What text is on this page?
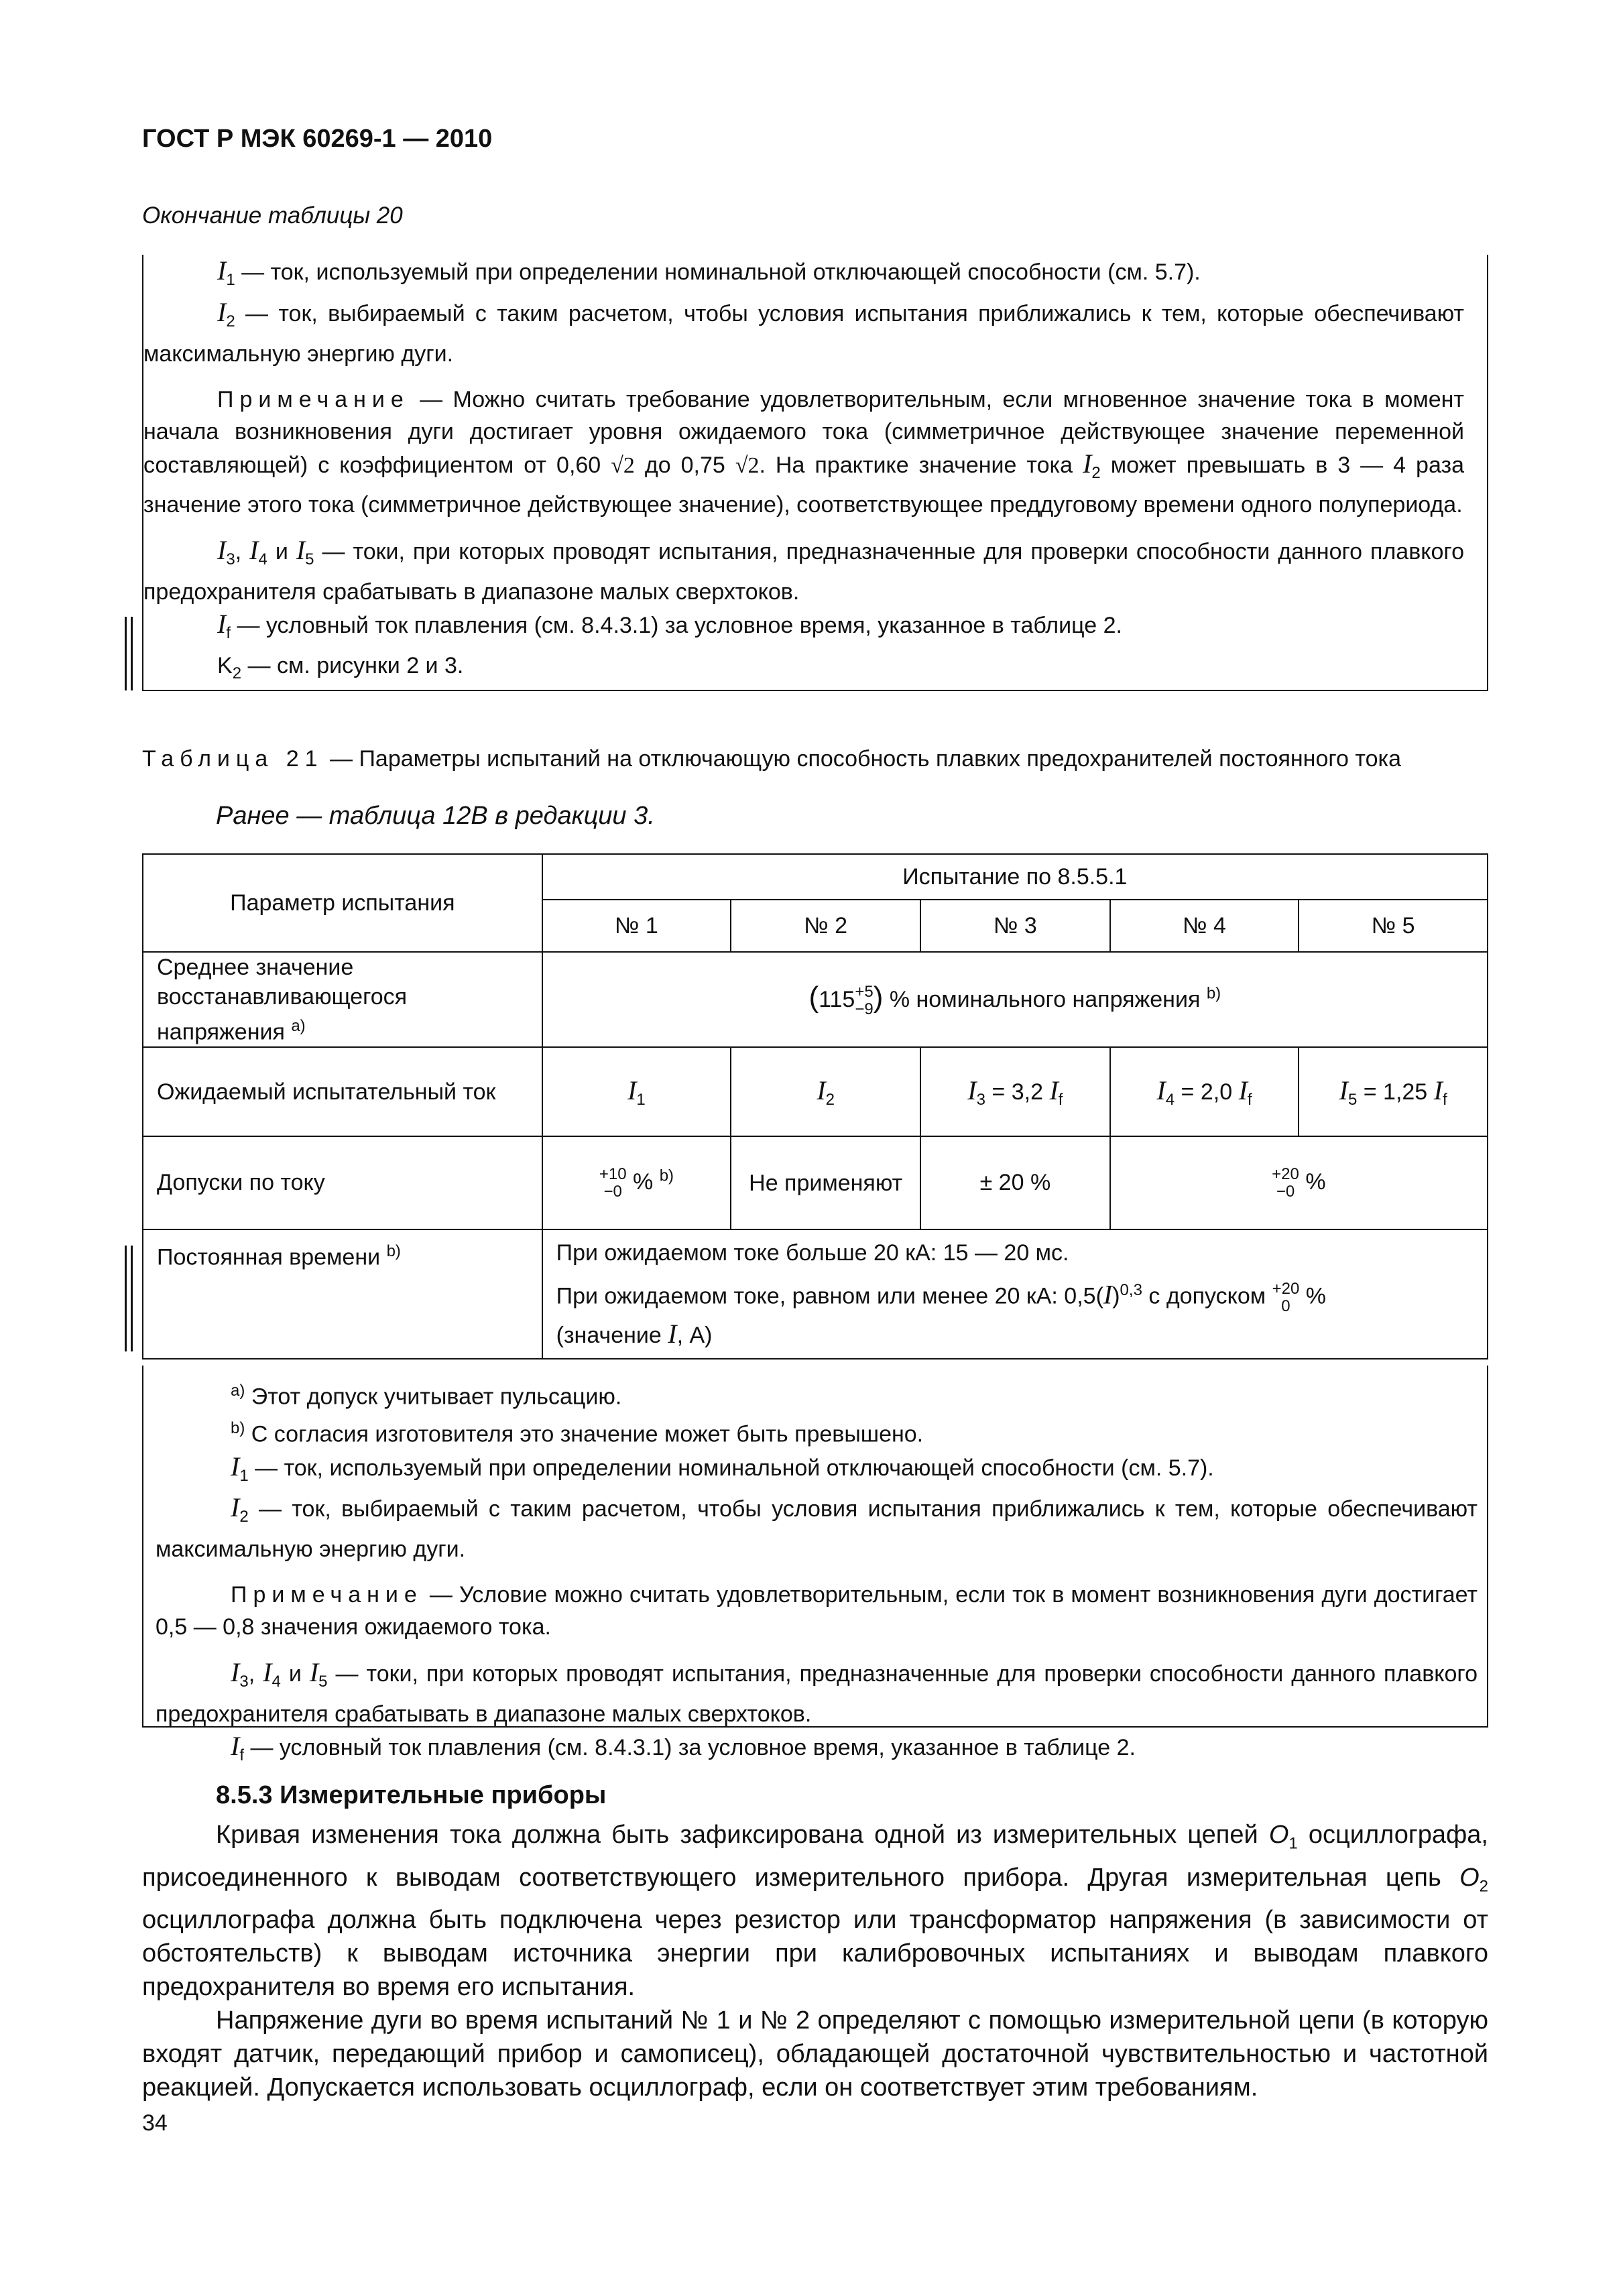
ГОСТ Р МЭК 60269-1 — 2010
Окончание таблицы 20

$I_1$ — ток, используемый при определении номинальной отключающей способности (см. 5.7).

$I_2$ — ток, выбираемый с таким расчетом, чтобы условия испытания приближались к тем, которые обеспечивают максимальную энергию дуги.

Примечание — Можно считать требование удовлетворительным, если мгновенное значение тока в момент начала возникновения дуги достигает уровня ожидаемого тока (симметричное действующее значение переменной составляющей) с коэффициентом от 0,60 √2 до 0,75 √2. На практике значение тока $I_2$ может превышать в 3 — 4 раза значение этого тока (симметричное действующее значение), соответствующее преддуговому времени одного полупериода.

$I_3$, $I_4$ и $I_5$ — токи, при которых проводят испытания, предназначенные для проверки способности данного плавкого предохранителя срабатывать в диапазоне малых сверхтоков.

$I_f$ — условный ток плавления (см. 8.4.3.1) за условное время, указанное в таблице 2.

$K_2$ — см. рисунки 2 и 3.

Таблица 21 — Параметры испытаний на отключающую способность плавких предохранителей постоянного тока
Ранее — таблица 12В в редакции 3.
Параметр испытания	Испытание по 8.5.5.1				
	№ 1	№ 2	№ 3	№ 4	№ 5
Среднее значение восстанавливающегося напряжения $^{a)}$	(115+5
−9) % номинального напряжения $^{b)}$
Ожидаемый испытательный ток	$I_1$	$I_2$	$I_3 = 3,2$ $I_f$	$I_4 = 2,0$ $I_f$	$I_5 = 1,25$ $I_f$
Допуски по току	+10
−0 % $^{b)}$	Не применяют	± 20 %	+20
−0 %	
Постоянная времени $^{b)}$	При ожидаемом токе больше 20 кА: 15 — 20 мс.
При ожидаемом токе, равном или менее 20 кА: $0,5(I)^{0,3}$ с допуском +20
0 %
(значение I, А)				

$^{a)}$ Этот допуск учитывает пульсацию.

$^{b)}$ С согласия изготовителя это значение может быть превышено.

$I_1$ — ток, используемый при определении номинальной отключающей способности (см. 5.7).

$I_2$ — ток, выбираемый с таким расчетом, чтобы условия испытания приближались к тем, которые обеспечивают максимальную энергию дуги.

Примечание — Условие можно считать удовлетворительным, если ток в момент возникновения дуги достигает 0,5 — 0,8 значения ожидаемого тока.

$I_3$, $I_4$ и $I_5$ — токи, при которых проводят испытания, предназначенные для проверки способности данного плавкого предохранителя срабатывать в диапазоне малых сверхтоков.

$I_f$ — условный ток плавления (см. 8.4.3.1) за условное время, указанное в таблице 2.

8.5.3 Измерительные приборы

Кривая изменения тока должна быть зафиксирована одной из измерительных цепей $O_1$ осциллографа, присоединенного к выводам соответствующего измерительного прибора. Другая измерительная цепь $O_2$ осциллографа должна быть подключена через резистор или трансформатор напряжения (в зависимости от обстоятельств) к выводам источника энергии при калибровочных испытаниях и выводам плавкого предохранителя во время его испытания.

Напряжение дуги во время испытаний № 1 и № 2 определяют с помощью измерительной цепи (в которую входят датчик, передающий прибор и самописец), обладающей достаточной чувствительностью и частотной реакцией. Допускается использовать осциллограф, если он соответствует этим требованиям.

34
